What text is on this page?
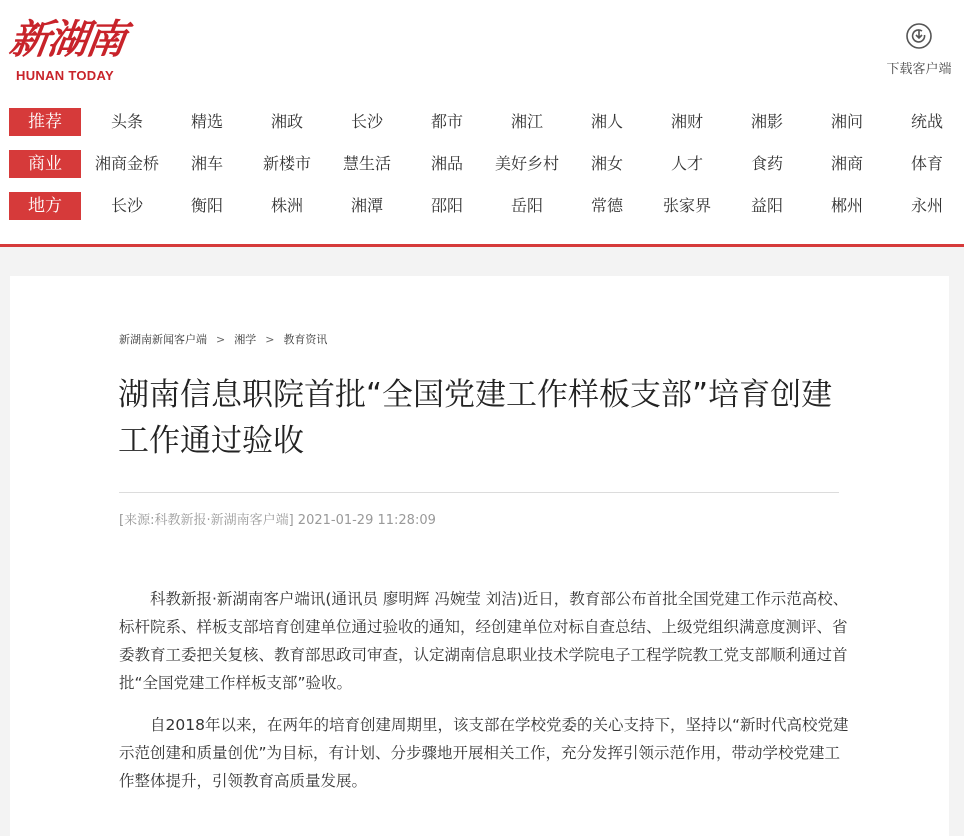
新湖南
HUNAN TODAY	下载客户端
推荐	头条	精选	湘政	长沙	都市	湘江	湘人	湘财	湘影	湘问	统战
商业	湘商金桥	湘车	新楼市	慧生活	湘品	美好乡村	湘女	人才	食药	湘商	体育
地方	长沙	衡阳	株洲	湘潭	邵阳	岳阳	常德	张家界	益阳	郴州	永州
新湖南新闻客户端 > 湘学 > 教育资讯
湖南信息职院首批“全国党建工作样板支部”培育创建工作通过验收
[来源:科教新报·新湖南客户端] 2021-01-29 11:28:09

科教新报·新湖南客户端讯(通讯员 廖明辉 冯婉莹 刘洁)近日，教育部公布首批全国党建工作示范高校、标杆院系、样板支部培育创建单位通过验收的通知，经创建单位对标自查总结、上级党组织满意度测评、省委教育工委把关复核、教育部思政司审查，认定湖南信息职业技术学院电子工程学院教工党支部顺利通过首批“全国党建工作样板支部”验收。

自2018年以来，在两年的培育创建周期里，该支部在学校党委的关心支持下，坚持以“新时代高校党建示范创建和质量创优”为目标，有计划、分步骤地开展相关工作，充分发挥引领示范作用，带动学校党建工作整体提升，引领教育高质量发展。
